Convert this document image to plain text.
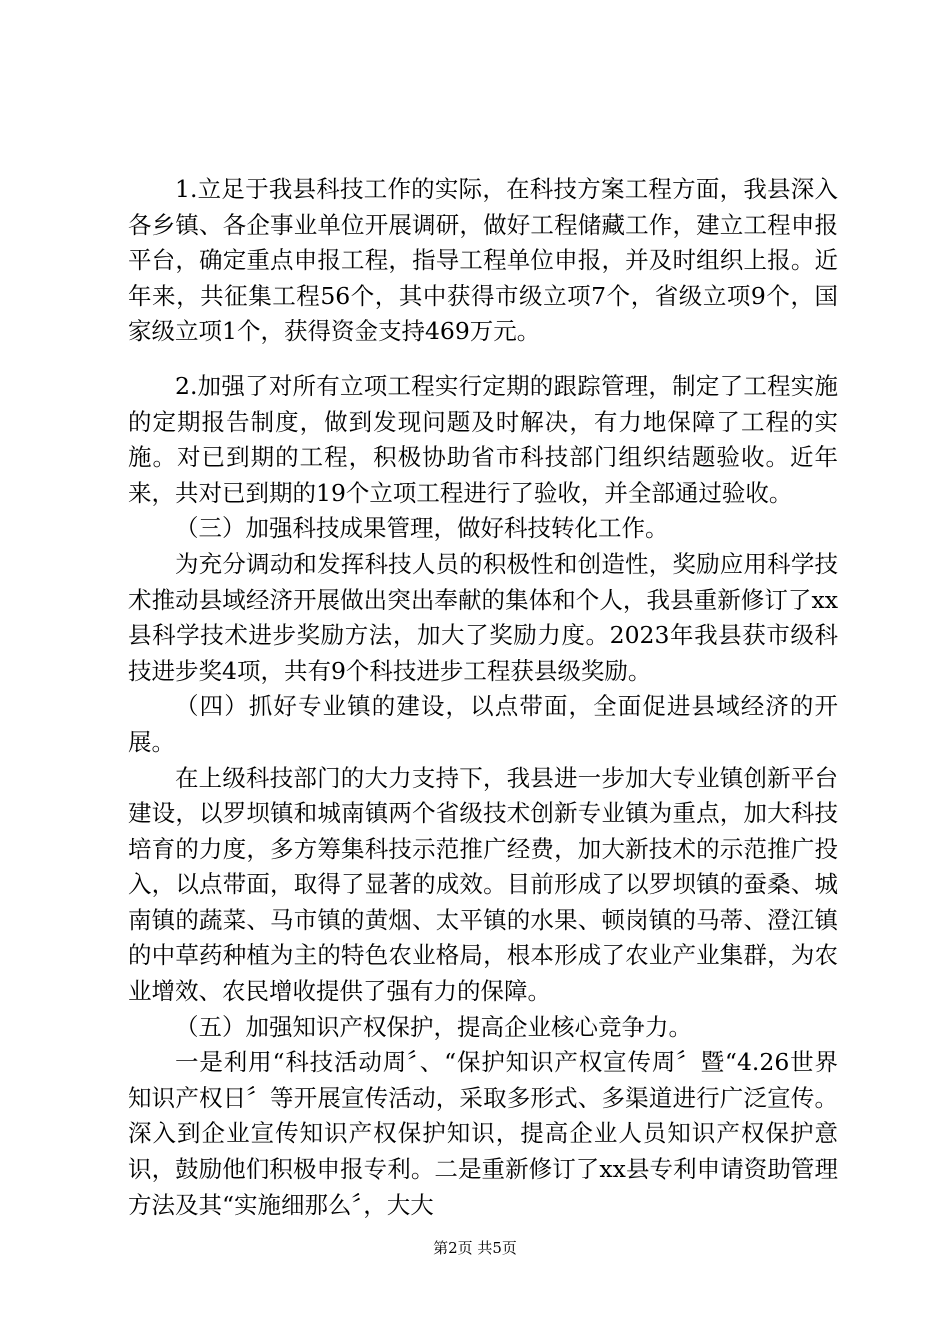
1.立足于我县科技工作的实际，在科技方案工程方面，我县深入各乡镇、各企事业单位开展调研，做好工程储藏工作，建立工程申报平台，确定重点申报工程，指导工程单位申报，并及时组织上报。近年来，共征集工程56个，其中获得市级立项7个，省级立项9个，国家级立项1个，获得资金支持469万元。

2.加强了对所有立项工程实行定期的跟踪管理，制定了工程实施的定期报告制度，做到发现问题及时解决，有力地保障了工程的实施。对已到期的工程，积极协助省市科技部门组织结题验收。近年来，共对已到期的19个立项工程进行了验收，并全部通过验收。

（三）加强科技成果管理，做好科技转化工作。

为充分调动和发挥科技人员的积极性和创造性，奖励应用科学技术推动县域经济开展做出突出奉献的集体和个人，我县重新修订了xx县科学技术进步奖励方法，加大了奖励力度。2023年我县获市级科技进步奖4项，共有9个科技进步工程获县级奖励。

（四）抓好专业镇的建设，以点带面，全面促进县域经济的开展。

在上级科技部门的大力支持下，我县进一步加大专业镇创新平台建设，以罗坝镇和城南镇两个省级技术创新专业镇为重点，加大科技培育的力度，多方筹集科技示范推广经费，加大新技术的示范推广投入，以点带面，取得了显著的成效。目前形成了以罗坝镇的蚕桑、城南镇的蔬菜、马市镇的黄烟、太平镇的水果、顿岗镇的马蒂、澄江镇的中草药种植为主的特色农业格局，根本形成了农业产业集群，为农业增效、农民增收提供了强有力的保障。

（五）加强知识产权保护，提高企业核心竞争力。

一是利用“科技活动周〞、“保护知识产权宣传周〞暨“4.26世界知识产权日〞等开展宣传活动，采取多形式、多渠道进行广泛宣传。深入到企业宣传知识产权保护知识，提高企业人员知识产权保护意识，鼓励他们积极申报专利。二是重新修订了xx县专利申请资助管理方法及其“实施细那么〞，大大

第2页 共5页
